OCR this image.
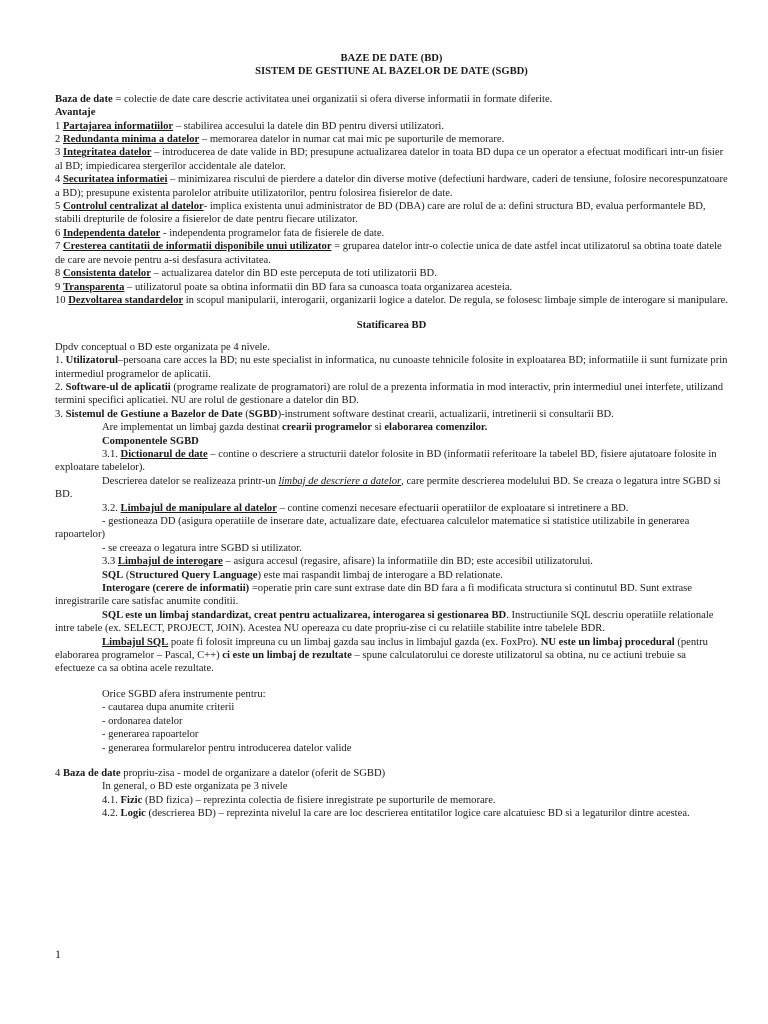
BAZE DE DATE (BD)

SISTEM DE GESTIUNE AL BAZELOR DE DATE (SGBD)

Baza de date = colectie de date care descrie activitatea unei organizatii si ofera diverse informatii in formate diferite.

Avantaje

1 Partajarea informatiilor – stabilirea accesului la datele din BD pentru diversi utilizatori.

2 Redundanta minima a datelor – memorarea datelor in numar cat mai mic pe suporturile de memorare.

3 Integritatea datelor – introducerea de date valide in BD; presupune actualizarea datelor in toata BD dupa ce un operator a efectuat modificari intr-un fisier al BD; impiedicarea stergerilor accidentale ale datelor.

4 Securitatea informatiei – minimizarea riscului de pierdere a datelor din diverse motive (defectiuni hardware, caderi de tensiune, folosire necorespunzatoare a BD); presupune existenta parolelor atribuite utilizatorilor, pentru folosirea fisierelor de date.

5 Controlul centralizat al datelor- implica existenta unui administrator de BD (DBA) care are rolul de a: defini structura BD, evalua performantele BD, stabili drepturile de folosire a fisierelor de date pentru fiecare utilizator.

6 Independenta datelor - independenta programelor fata de fisierele de date.

7 Cresterea cantitatii de informatii disponibile unui utilizator = gruparea datelor intr-o colectie unica de date astfel incat utilizatorul sa obtina toate datele de care are nevoie pentru a-si desfasura activitatea.

8 Consistenta datelor – actualizarea datelor din BD este perceputa de toti utilizatorii BD.

9 Transparenta – utilizatorul poate sa obtina informatii din BD fara sa cunoasca toata organizarea acesteia.

10 Dezvoltarea standardelor in scopul manipularii, interogarii, organizarii logice a datelor. De regula, se folosesc limbaje simple de interogare si manipulare.

Statificarea BD

Dpdv conceptual o BD este organizata pe 4 nivele.

1. Utilizatorul–persoana care acces la BD; nu este specialist in informatica, nu cunoaste tehnicile folosite in exploatarea BD; informatiile ii sunt furnizate prin intermediul programelor de aplicatii.

2. Software-ul de aplicatii (programe realizate de programatori) are rolul de a prezenta informatia in mod interactiv, prin intermediul unei interfete, utilizand termini specifici aplicatiei. NU are rolul de gestionare a datelor din BD.

3. Sistemul de Gestiune a Bazelor de Date (SGBD)-instrument software destinat crearii, actualizarii, intretinerii si consultarii BD.

Are implementat un limbaj gazda destinat crearii programelor si elaborarea comenzilor.

Componentele SGBD

3.1. Dictionarul de date – contine o descriere a structurii datelor folosite in BD (informatii referitoare la tabelel BD, fisiere ajutatoare folosite in exploatare tabelelor).

Descrierea datelor se realizeaza printr-un limbaj de descriere a datelor, care permite descrierea modelului BD. Se creaza o legatura intre SGBD si BD.

3.2. Limbajul de manipulare al datelor – contine comenzi necesare efectuarii operatiilor de exploatare si intretinere a BD.

- gestioneaza DD (asigura operatiile de inserare date, actualizare date, efectuarea calculelor matematice si statistice utilizabile in generarea rapoartelor)

- se creeaza o legatura intre SGBD si utilizator.

3.3 Limbajul de interogare – asigura accesul (regasire, afisare) la informatiile din BD; este accesibil utilizatorului.

SQL (Structured Query Language) este mai raspandit limbaj de interogare a BD relationate.

Interogare (cerere de informatii) =operatie prin care sunt extrase date din BD fara a fi modificata structura si continutul BD. Sunt extrase inregistrarile care satisfac anumite conditii.

SQL este un limbaj standardizat, creat pentru actualizarea, interogarea si gestionarea BD. Instructiunile SQL descriu operatiile relationale intre tabele (ex. SELECT, PROJECT, JOIN). Acestea NU opereaza cu date propriu-zise ci cu relatiile stabilite intre tabelele BDR.

Limbajul SQL poate fi folosit impreuna cu un limbaj gazda sau inclus in limbajul gazda (ex. FoxPro). NU este un limbaj procedural (pentru elaborarea programelor – Pascal, C++) ci este un limbaj de rezultate – spune calculatorului ce doreste utilizatorul sa obtina, nu ce actiuni trebuie sa efectueze ca sa obtina acele rezultate.

Orice SGBD afera instrumente pentru:

- cautarea dupa anumite criterii

- ordonarea datelor

- generarea rapoartelor

- generarea formularelor pentru introducerea datelor valide

4 Baza de date propriu-zisa - model de organizare a datelor (oferit de SGBD)

In general, o BD este organizata pe 3 nivele

4.1. Fizic (BD fizica) – reprezinta colectia de fisiere inregistrate pe suporturile de memorare.

4.2. Logic (descrierea BD) – reprezinta nivelul la care are loc descrierea entitatilor logice care alcatuiesc BD si a legaturilor dintre acestea.

1
